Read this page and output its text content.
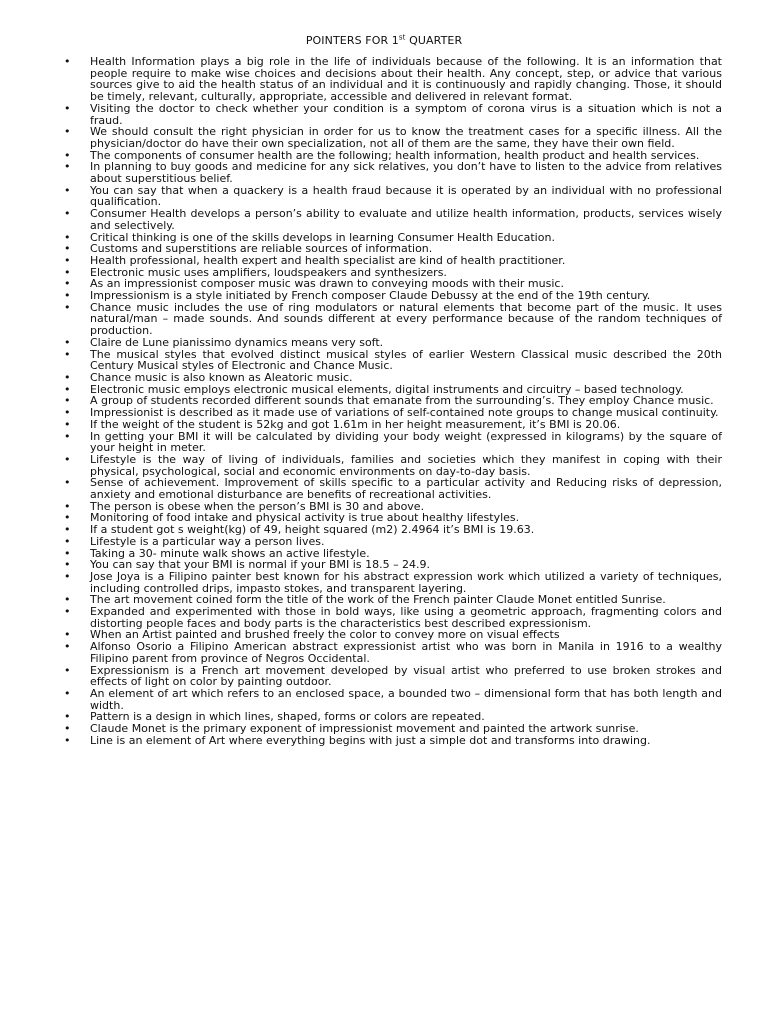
POINTERS FOR 1st QUARTER
• Health Information plays a big role in the life of individuals because of the following. It is an information that people require to make wise choices and decisions about their health. Any concept, step, or advice that various sources give to aid the health status of an individual and it is continuously and rapidly changing. Those, it should be timely, relevant, culturally, appropriate, accessible and delivered in relevant format.
• Visiting the doctor to check whether your condition is a symptom of corona virus is a situation which is not a fraud.
• We should consult the right physician in order for us to know the treatment cases for a specific illness. All the physician/doctor do have their own specialization, not all of them are the same, they have their own field.
• The components of consumer health are the following; health information, health product and health services.
• In planning to buy goods and medicine for any sick relatives, you don’t have to listen to the advice from relatives about superstitious belief.
• You can say that when a quackery is a health fraud because it is operated by an individual with no professional qualification.
• Consumer Health develops a person’s ability to evaluate and utilize health information, products, services wisely and selectively.
• Critical thinking is one of the skills develops in learning Consumer Health Education.
• Customs and superstitions are reliable sources of information.
• Health professional, health expert and health specialist are kind of health practitioner.
• Electronic music uses amplifiers, loudspeakers and synthesizers.
• As an impressionist composer music was drawn to conveying moods with their music.
• Impressionism is a style initiated by French composer Claude Debussy at the end of the 19th century.
• Chance music includes the use of ring modulators or natural elements that become part of the music. It uses natural/man – made sounds. And sounds different at every performance because of the random techniques of production.
• Claire de Lune pianissimo dynamics means very soft.
• The musical styles that evolved distinct musical styles of earlier Western Classical music described the 20th Century Musical styles of Electronic and Chance Music.
• Chance music is also known as Aleatoric music.
• Electronic music employs electronic musical elements, digital instruments and circuitry – based technology.
• A group of students recorded different sounds that emanate from the surrounding’s. They employ Chance music.
• Impressionist is described as it made use of variations of self-contained note groups to change musical continuity.
• If the weight of the student is 52kg and got 1.61m in her height measurement, it’s BMI is 20.06.
• In getting your BMI it will be calculated by dividing your body weight (expressed in kilograms) by the square of your height in meter.
• Lifestyle is the way of living of individuals, families and societies which they manifest in coping with their physical, psychological, social and economic environments on day-to-day basis.
• Sense of achievement. Improvement of skills specific to a particular activity and Reducing risks of depression, anxiety and emotional disturbance are benefits of recreational activities.
• The person is obese when the person’s BMI is 30 and above.
• Monitoring of food intake and physical activity is true about healthy lifestyles.
• If a student got s weight(kg) of 49, height squared (m2) 2.4964 it’s BMI is 19.63.
• Lifestyle is a particular way a person lives.
• Taking a 30- minute walk shows an active lifestyle.
• You can say that your BMI is normal if your BMI is 18.5 – 24.9.
• Jose Joya is a Filipino painter best known for his abstract expression work which utilized a variety of techniques, including controlled drips, impasto stokes, and transparent layering.
• The art movement coined form the title of the work of the French painter Claude Monet entitled Sunrise.
• Expanded and experimented with those in bold ways, like using a geometric approach, fragmenting colors and distorting people faces and body parts is the characteristics best described expressionism.
• When an Artist painted and brushed freely the color to convey more on visual effects
• Alfonso Osorio a Filipino American abstract expressionist artist who was born in Manila in 1916 to a wealthy Filipino parent from province of Negros Occidental.
• Expressionism is a French art movement developed by visual artist who preferred to use broken strokes and effects of light on color by painting outdoor.
• An element of art which refers to an enclosed space, a bounded two – dimensional form that has both length and width.
• Pattern is a design in which lines, shaped, forms or colors are repeated.
• Claude Monet is the primary exponent of impressionist movement and painted the artwork sunrise.
• Line is an element of Art where everything begins with just a simple dot and transforms into drawing.
